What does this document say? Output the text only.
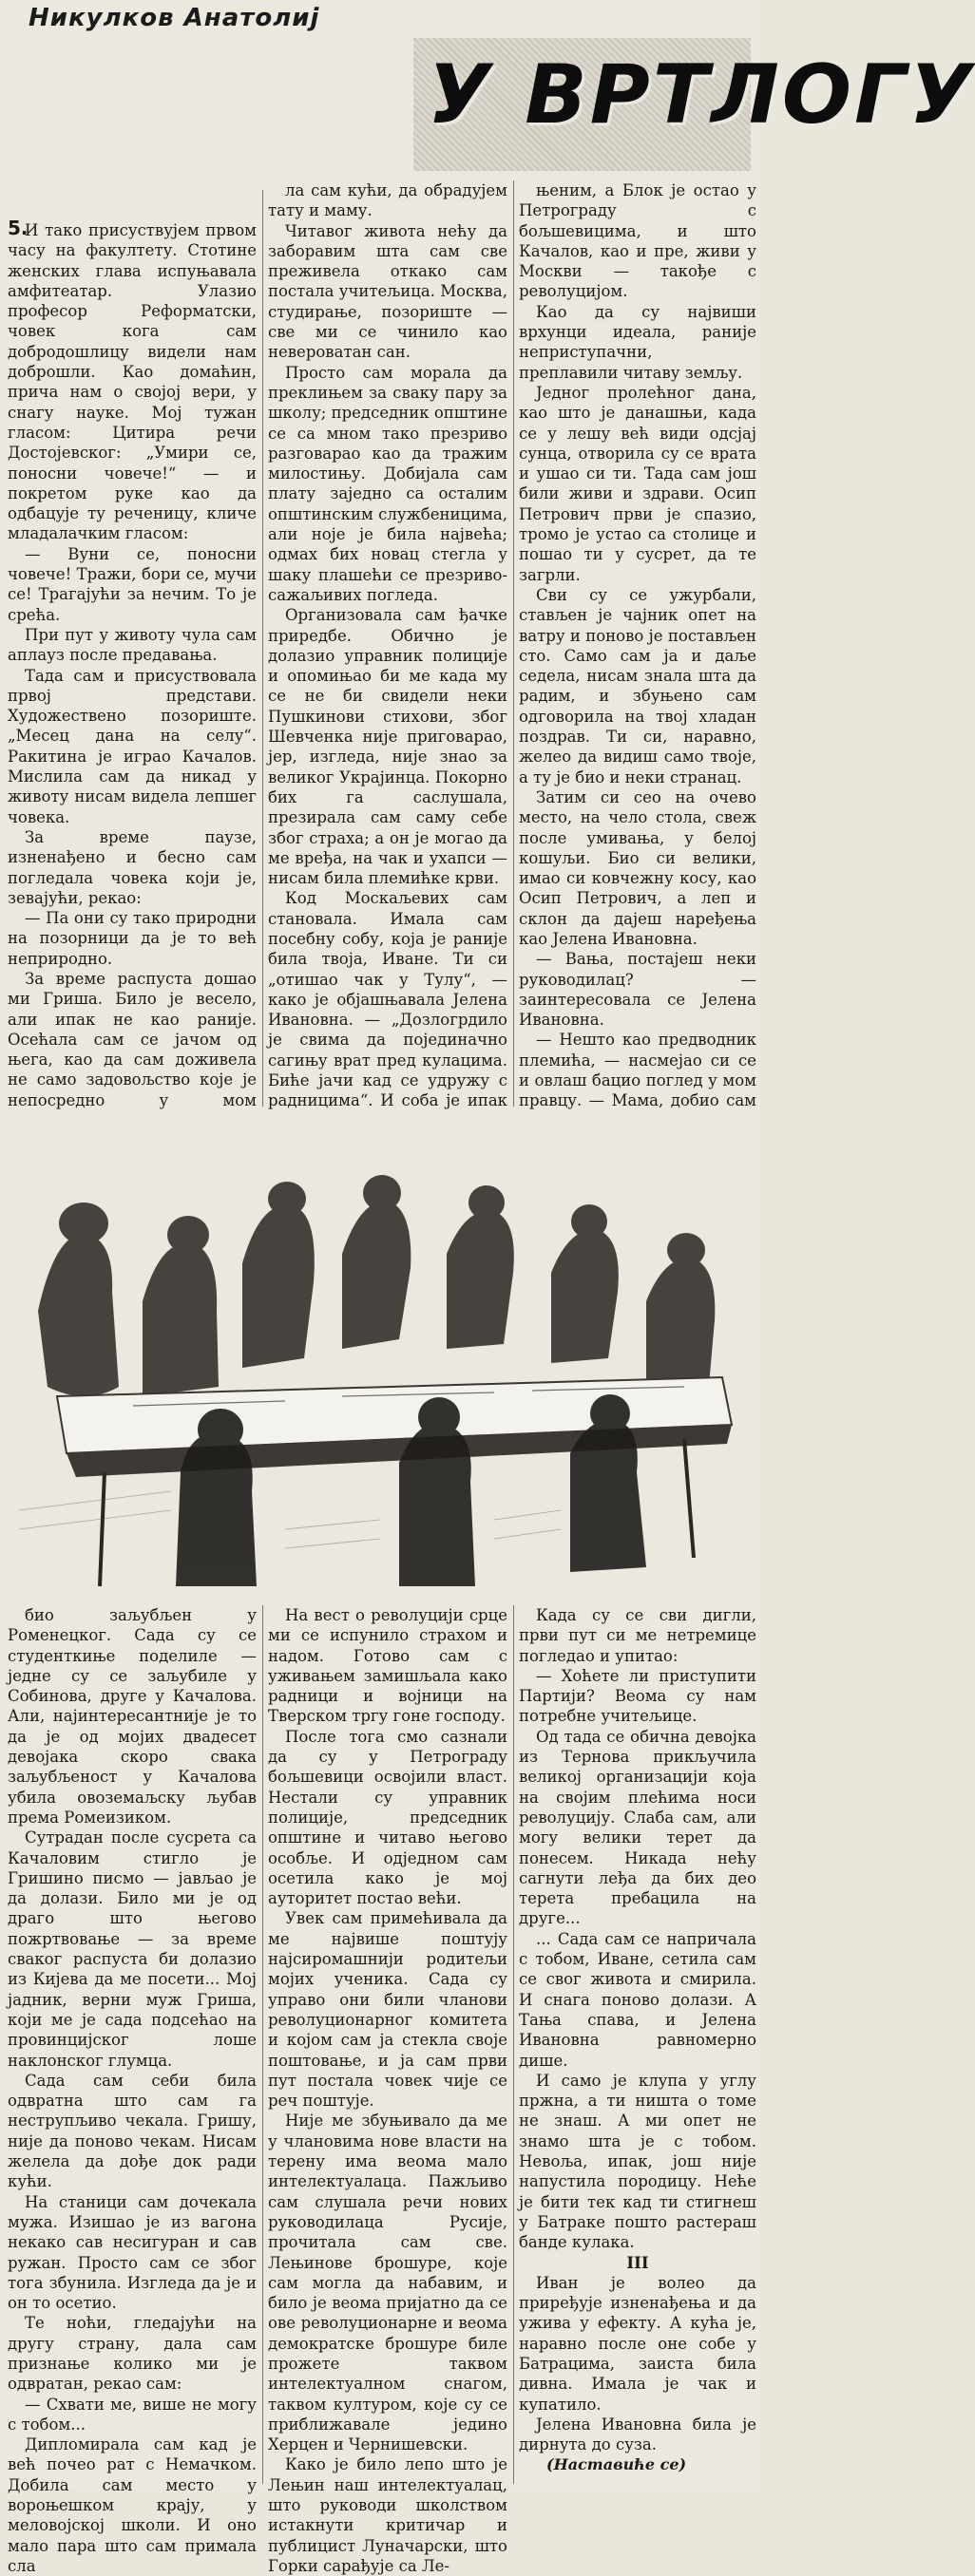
Никулков Анатолиј
У ВРТЛОГУ
5.

И тако присуствујем првом часу на факултету. Стотине женских глава испуњавала амфитеатар. Улазио професор Реформатски, човек кога сам добродошлицу видели нам доброшли. Као домаћин, прича нам о својој вери, у снагу науке. Мој тужан гласом: Цитира речи Достојевског: „Умири се, поносни човече!“ — и покретом руке као да одбацује ту реченицу, кличе младалачким гласом:

— Вуни се, поносни човече! Тражи, бори се, мучи се! Трагајући за нечим. То је срећа.

При пут у животу чула сам аплауз после предавања.

Тада сам и присуствовала првој представи. Художествено позориште. „Месец дана на селу“. Ракитина је играо Качалов. Мислила сам да никад у животу нисам видела лепшег човека.

За време паузе, изненађено и бесно сам погледала човека који је, зевајући, рекао:

— Па они су тако природни на позорници да је то већ неприродно.

За време распуста дошао ми Гриша. Било је весело, али ипак не као раније. Осећала сам се јачом од њега, као да сам доживела не само задовољство које је непосредно у мом

ла сам кући, да обрадујем тату и маму.

Читавог живота нећу да заборавим шта сам све преживела откако сам постала учитељица. Москва, студирање, позориште — све ми се чинило као невероватан сан.

Просто сам морала да преклињем за сваку пару за школу; председник општине се са мном тако презриво разговарао као да тражим милостињу. Добијала сам плату заједно са осталим општинским службеницима, али ноје је била највећа; одмах бих новац стегла у шаку плашећи се презриво-сажаљивих погледа.

Организовала сам ђачке приредбе. Обично је долазио управник полиције и опомињао би ме када му се не би свидели неки Пушкинови стихови, због Шевченка није приговарао, јер, изгледа, није знао за великог Украјинца. Покорно бих га саслушала, презирала сам саму себе због страха; а он је могао да ме вређа, на чак и ухапси — нисам била племићке крви.

Код Москаљевих сам становала. Имала сам посебну собу, која је раније била твоја, Иване. Ти си „отишао чак у Тулу“, — како је објашњавала Јелена Ивановна. — „Дозлогрдило је свима да појединачно сагињу врат пред кулацима. Биће јачи кад се удружу с радницима“. И соба је ипак

њеним, а Блок је остао у Петрограду с бољшевицима, и што Качалов, као и пре, живи у Москви — такође с револуцијом.

Као да су највиши врхунци идеала, раније неприступачни, преплавили читаву земљу.

Једног пролећног дана, као што је данашњи, када се у лешу већ види одсјај сунца, отворила су се врата и ушао си ти. Тада сам још били живи и здрави. Осип Петрович први је спазио, тромо је устао са столице и пошао ти у сусрет, да те загрли.

Сви су се ужурбали, стављен је чајник опет на ватру и поново је постављен сто. Само сам ја и даље седела, нисам знала шта да радим, и збуњено сам одговорила на твој хладан поздрав. Ти си, наравно, желео да видиш само твоје, а ту је био и неки странац.

Затим си сео на очево место, на чело стола, свеж после умивања, у белој кошуљи. Био си велики, имао си ковчежну косу, као Осип Петрович, а леп и склон да дајеш наређења као Јелена Ивановна.

— Вања, постајеш неки руководилац? — заинтересовала се Јелена Ивановна.

— Нешто као предводник племића, — насмејао си се и овлаш бацио поглед у мом правцу. — Мама, добио сам

био заљубљен у Роменецког. Сада су се студенткиње поделиле — једне су се заљубиле у Собинова, друге у Качалова. Али, најинтересантније је то да је од мојих двадесет девојака скоро свака заљубљеност у Качалова убила овоземаљску љубав према Ромеизиком.

Сутрадан после сусрета са Качаловим стигло је Гришино писмо — јављао је да долази. Било ми је од драго што његово пожртвовање — за време сваког распуста би долазио из Кијева да ме посети... Мој јадник, верни муж Гриша, који ме је сада подсећао на провинцијског лоше наклонског глумца.

Сада сам себи била одвратна што сам га неструпљиво чекала. Гришу, није да поново чекам. Нисам желела да дође док ради кући.

На станици сам дочекала мужа. Изишао је из вагона некако сав несигуран и сав ружан. Просто сам се због тога збунила. Изгледа да је и он то осетио.

Те ноћи, гледајући на другу страну, дала сам признање колико ми је одвратан, рекао сам:

— Схвати ме, више не могу с тобом...

Дипломирала сам кад је већ почео рат с Немачком. Добила сам место у вороњешком крају, у меловојској школи. И оно мало пара што сам примала сла

На вест о револуцији срце ми се испунило страхом и надом. Готово сам с уживањем замишљала како радници и војници на Тверском тргу гоне господу.

После тога смо сазнали да су у Петрограду бољшевици освојили власт. Нестали су управник полиције, председник општине и читаво његово особље. И одједном сам осетила како је мој ауторитет постао већи.

Увек сам примећивала да ме највише поштују најсиромашнији родитељи мојих ученика. Сада су управо они били чланови револуционарног комитета и којом сам ја стекла своје поштовање, и ја сам први пут постала човек чије се реч поштује.

Није ме збуњивало да ме у члановима нове власти на терену има веома мало интелектуалаца. Пажљиво сам слушала речи нових руководилаца Русије, прочитала сам све. Лењинове брошуре, које сам могла да набавим, и било је веома пријатно да се ове револуционарне и веома демократске брошуре биле прожете таквом интелектуалном снагом, таквом културом, које су се приближавале једино Херцен и Чернишевски.

Како је било лепо што је Лењин наш интелектуалац, што руководи школством истакнути критичар и публицист Луначарски, што Горки сарађује са Ле-

Када су се сви дигли, први пут си ме нетремице погледао и упитао:

— Хоћете ли приступити Партији? Веома су нам потребне учитељице.

Од тада се обична девојка из Тернова прикључила великој организацији која на својим плећима носи револуцију. Слаба сам, али могу велики терет да понесем. Никада нећу сагнути леђа да бих део терета пребацила на друге...

... Сада сам се напричала с тобом, Иване, сетила сам се свог живота и смирила. И снага поново долази. А Тања спава, и Јелена Ивановна равномерно дише.

И само је клупа у углу пржна, а ти ништа о томе не знаш. А ми опет не знамо шта је с тобом. Невоља, ипак, још није напустила породицу. Неће је бити тек кад ти стигнеш у Батраке пошто растераш банде кулака.

III

Иван је волео да приређује изненађења и да ужива у ефекту. А кућа је, наравно после оне собе у Батрацима, заиста била дивна. Имала је чак и купатило.

Јелена Ивановна била је дирнута до суза.

(Наставиће се)
